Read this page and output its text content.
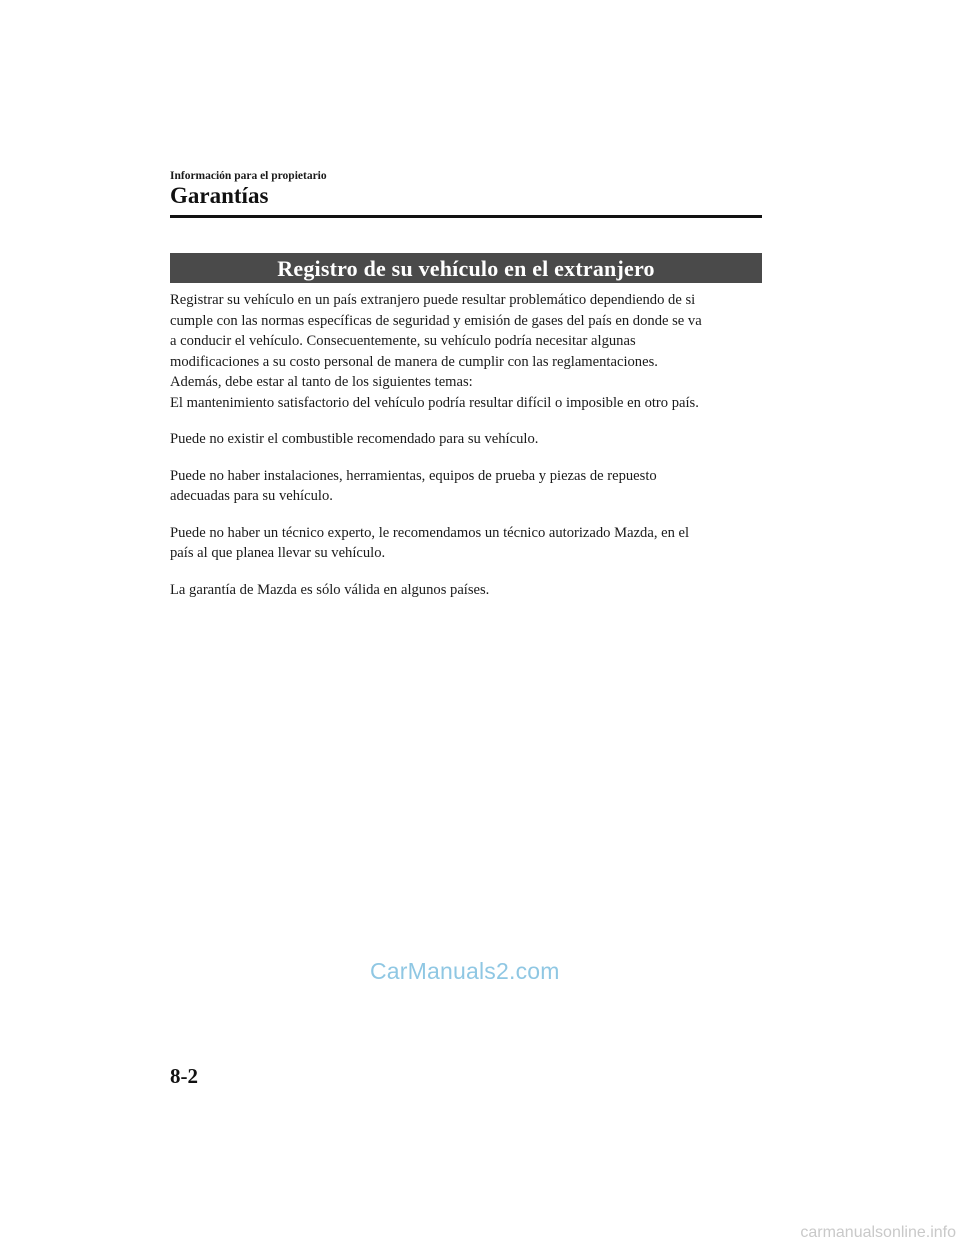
Información para el propietario
Garantías
Registro de su vehículo en el extranjero

Registrar su vehículo en un país extranjero puede resultar problemático dependiendo de si

cumple con las normas específicas de seguridad y emisión de gases del país en donde se va

a conducir el vehículo. Consecuentemente, su vehículo podría necesitar algunas

modificaciones a su costo personal de manera de cumplir con las reglamentaciones.

Además, debe estar al tanto de los siguientes temas:

El mantenimiento satisfactorio del vehículo podría resultar difícil o imposible en otro país.

Puede no existir el combustible recomendado para su vehículo.

Puede no haber instalaciones, herramientas, equipos de prueba y piezas de repuesto

adecuadas para su vehículo.

Puede no haber un técnico experto, le recomendamos un técnico autorizado Mazda, en el

país al que planea llevar su vehículo.

La garantía de Mazda es sólo válida en algunos países.

CarManuals2.com
8-2
carmanualsonline.info
